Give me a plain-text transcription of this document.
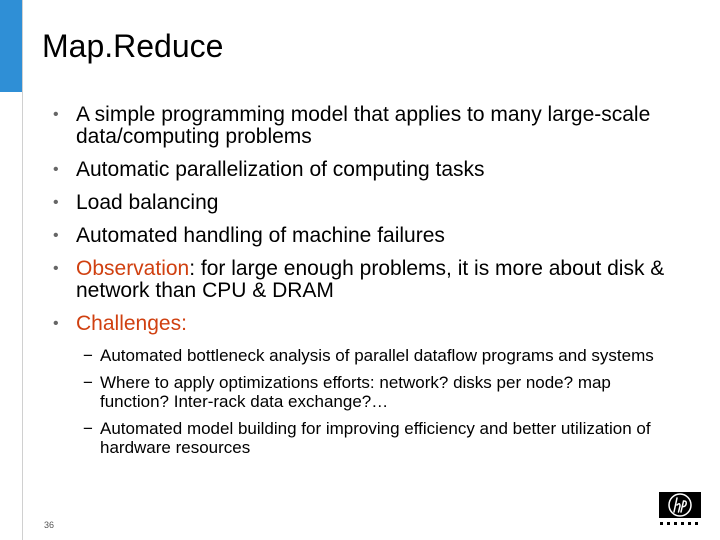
Map.Reduce
• A simple programming model that applies to many large-scale data/computing problems
• Automatic parallelization of computing tasks
• Load balancing
• Automated handling of machine failures
• Observation: for large enough problems, it is more about disk & network than CPU & DRAM
• Challenges:
− Automated bottleneck analysis of parallel dataflow programs and systems
− Where to apply optimizations efforts: network? disks per node? map function? Inter-rack data exchange?…
− Automated model building for improving efficiency and better utilization of hardware resources
36
